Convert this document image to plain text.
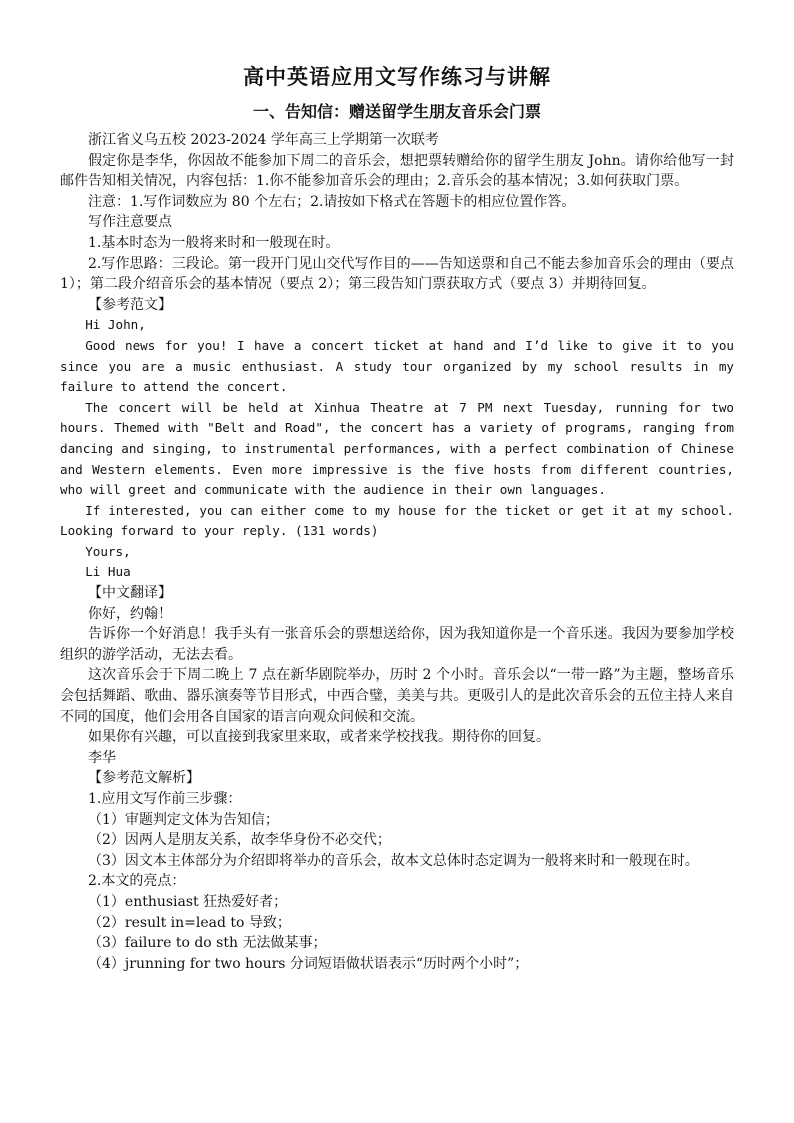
高中英语应用文写作练习与讲解
一、告知信：赠送留学生朋友音乐会门票

浙江省义乌五校 2023-2024 学年高三上学期第一次联考

假定你是李华，你因故不能参加下周二的音乐会，想把票转赠给你的留学生朋友 John。请你给他写一封邮件告知相关情况，内容包括：1.你不能参加音乐会的理由；2.音乐会的基本情况；3.如何获取门票。

注意：1.写作词数应为 80 个左右；2.请按如下格式在答题卡的相应位置作答。

写作注意要点

1.基本时态为一般将来时和一般现在时。

2.写作思路：三段论。第一段开门见山交代写作目的——告知送票和自己不能去参加音乐会的理由（要点 1）；第二段介绍音乐会的基本情况（要点 2）；第三段告知门票获取方式（要点 3）并期待回复。

【参考范文】

Hi John,

Good news for you! I have a concert ticket at hand and I’d like to give it to you since you are a music enthusiast. A study tour organized by my school results in my failure to attend the concert.

The concert will be held at Xinhua Theatre at 7 PM next Tuesday, running for two hours. Themed with "Belt and Road", the concert has a variety of programs, ranging from dancing and singing, to instrumental performances, with a perfect combination of Chinese and Western elements. Even more impressive is the five hosts from different countries, who will greet and communicate with the audience in their own languages.

If interested, you can either come to my house for the ticket or get it at my school. Looking forward to your reply. (131 words)

Yours,

Li Hua

【中文翻译】

你好，约翰！

告诉你一个好消息！我手头有一张音乐会的票想送给你，因为我知道你是一个音乐迷。我因为要参加学校组织的游学活动，无法去看。

这次音乐会于下周二晚上 7 点在新华剧院举办，历时 2 个小时。音乐会以“一带一路”为主题，整场音乐会包括舞蹈、歌曲、器乐演奏等节目形式，中西合璧，美美与共。更吸引人的是此次音乐会的五位主持人来自不同的国度，他们会用各自国家的语言向观众问候和交流。

如果你有兴趣，可以直接到我家里来取，或者来学校找我。期待你的回复。

李华

【参考范文解析】

1.应用文写作前三步骤：

（1）审题判定文体为告知信；

（2）因两人是朋友关系，故李华身份不必交代；

（3）因文本主体部分为介绍即将举办的音乐会，故本文总体时态定调为一般将来时和一般现在时。

2.本文的亮点：

（1）enthusiast 狂热爱好者；

（2）result in=lead to 导致；

（3）failure to do sth 无法做某事；

（4）jrunning for two hours 分词短语做状语表示“历时两个小时”；
